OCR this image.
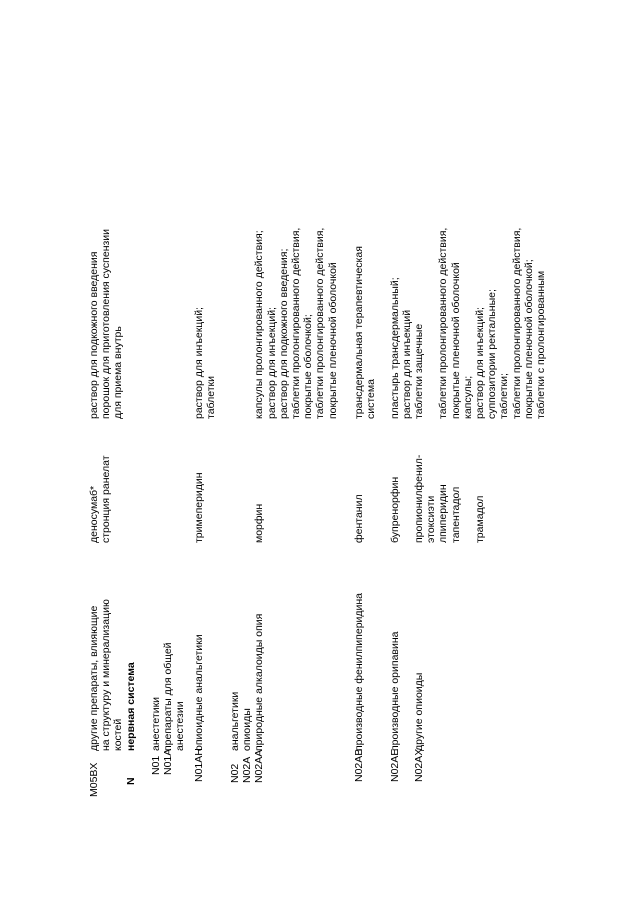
M05BX
другие препараты, влияющие
на структуру и минерализацию
костей
деносумаб*
стронция ранелат
раствор для подкожного введения
порошок для приготовления суспензии
для приема внутрь
N
нервная система
N01
N01A
анестетики
препараты для общей
анестезии
N01AH
опиоидные анальгетики
тримеперидин
раствор для инъекций;
таблетки
N02
N02A
N02AA
анальгетики
опиоиды
природные алкалоиды опия

морфин

капсулы пролонгированного действия;
раствор для инъекций;
раствор для подкожного введения;
таблетки пролонгированного действия,
покрытые оболочкой;
таблетки пролонгированного действия,
покрытые пленочной оболочкой
N02AB
производные фенилпиперидина
фентанил
трансдермальная терапевтическая
система
N02AE
производные орипавина
бупренорфин
пластырь трансдермальный;
раствор для инъекций
N02AX
другие опиоиды
пропионилфенил-этоксиэти
лпиперидин
тапентадол

трамадол
таблетки защечные

таблетки пролонгированного действия,
покрытые пленочной оболочкой
капсулы;
раствор для инъекций;
суппозитории ректальные;
таблетки;
таблетки пролонгированного действия,
покрытые пленочной оболочкой;
таблетки с пролонгированным
